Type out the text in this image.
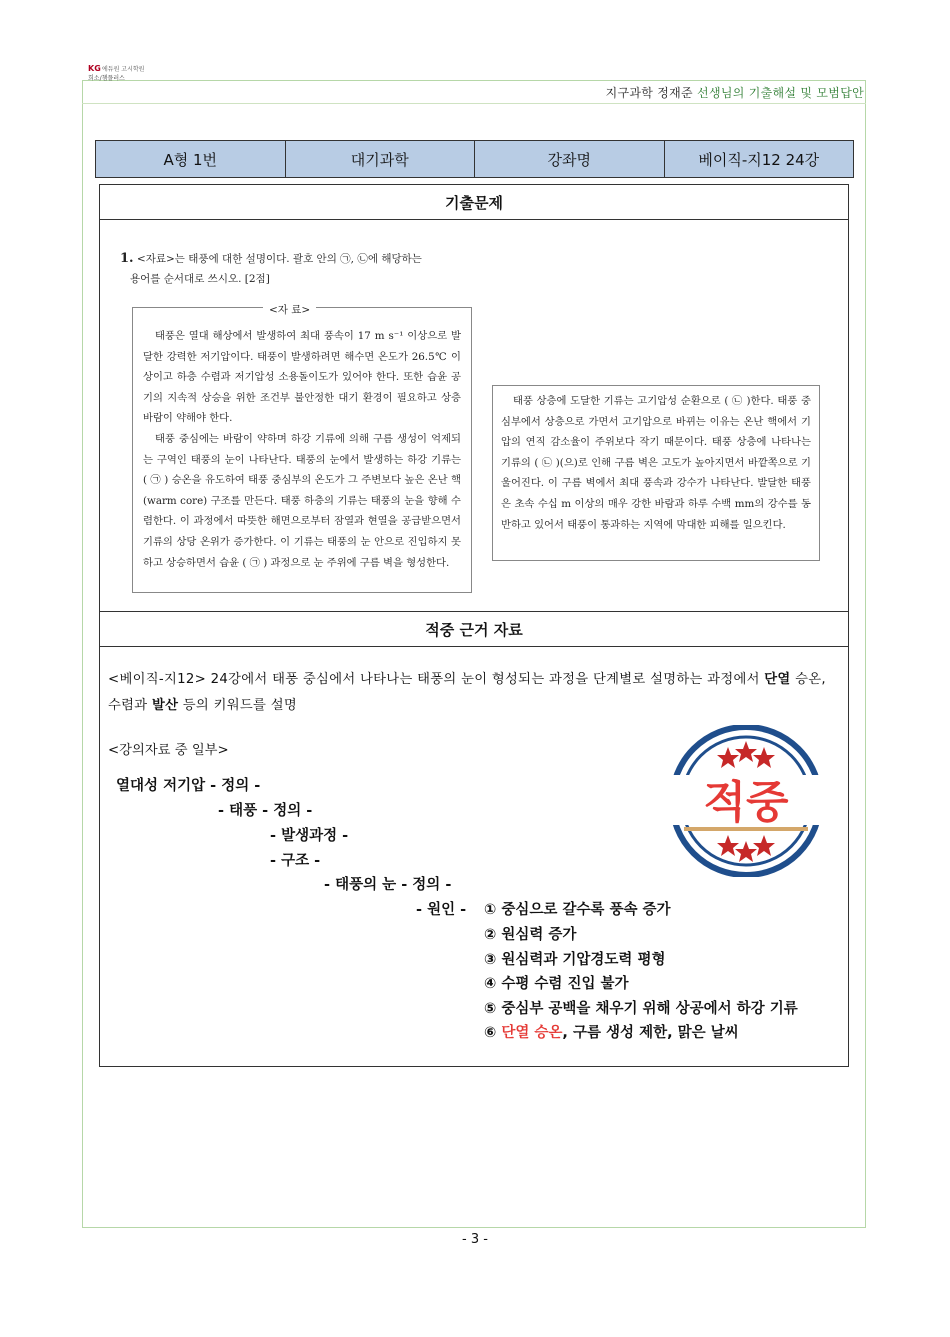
KG 에듀원 고시학원
희소/챔플러스
지구과학 정재준 선생님의 기출해설 및 모범답안
A형 1번	대기과학	강좌명	베이직-지12 24강
기출문제
1. <자료>는 태풍에 대한 설명이다. 괄호 안의 ㉠, ㉡에 해당하는
용어를 순서대로 쓰시오. [2점]
<자 료>

태풍은 열대 해상에서 발생하여 최대 풍속이 17 m s⁻¹ 이상으로 발달한 강력한 저기압이다. 태풍이 발생하려면 해수면 온도가 26.5℃ 이상이고 하층 수렴과 저기압성 소용돌이도가 있어야 한다. 또한 습윤 공기의 지속적 상승을 위한 조건부 불안정한 대기 환경이 필요하고 상층 바람이 약해야 한다.

태풍 중심에는 바람이 약하며 하강 기류에 의해 구름 생성이 억제되는 구역인 태풍의 눈이 나타난다. 태풍의 눈에서 발생하는 하강 기류는 ( ㉠ ) 승온을 유도하여 태풍 중심부의 온도가 그 주변보다 높은 온난 핵(warm core) 구조를 만든다. 태풍 하층의 기류는 태풍의 눈을 향해 수렴한다. 이 과정에서 따뜻한 해면으로부터 잠열과 현열을 공급받으면서 기류의 상당 온위가 증가한다. 이 기류는 태풍의 눈 안으로 진입하지 못하고 상승하면서 습윤 ( ㉠ ) 과정으로 눈 주위에 구름 벽을 형성한다.

태풍 상층에 도달한 기류는 고기압성 순환으로 ( ㉡ )한다. 태풍 중심부에서 상층으로 가면서 고기압으로 바뀌는 이유는 온난 핵에서 기압의 연직 감소율이 주위보다 작기 때문이다. 태풍 상층에 나타나는 기류의 ( ㉡ )(으)로 인해 구름 벽은 고도가 높아지면서 바깥쪽으로 기울어진다. 이 구름 벽에서 최대 풍속과 강수가 나타난다. 발달한 태풍은 초속 수십 m 이상의 매우 강한 바람과 하루 수백 mm의 강수를 동반하고 있어서 태풍이 통과하는 지역에 막대한 피해를 일으킨다.

적중 근거 자료
<베이직-지12> 24강에서 태풍 중심에서 나타나는 태풍의 눈이 형성되는 과정을 단계별로 설명하는 과정에서 단열 승온, 수렴과 발산 등의 키워드를 설명
<강의자료 중 일부>
적중
열대성 저기압 - 정의 -
- 태풍 - 정의 -
- 발생과정 -
- 구조 -
- 태풍의 눈 - 정의 -
- 원인 - ① 중심으로 갈수록 풍속 증가
② 원심력 증가
③ 원심력과 기압경도력 평형
④ 수평 수렴 진입 불가
⑤ 중심부 공백을 채우기 위해 상공에서 하강 기류
⑥ 단열 승온, 구름 생성 제한, 맑은 날씨
- 3 -
